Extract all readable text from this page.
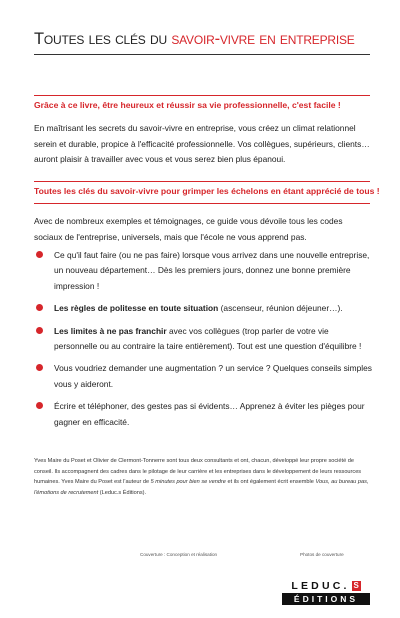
Toutes les clés du savoir-vivre en entreprise
Grâce à ce livre, être heureux et réussir sa vie professionnelle, c'est facile !
En maîtrisant les secrets du savoir-vivre en entreprise, vous créez un climat relationnel serein et durable, propice à l'efficacité professionnelle. Vos collègues, supérieurs, clients… auront plaisir à travailler avec vous et vous serez bien plus épanoui.
Toutes les clés du savoir-vivre pour grimper les échelons en étant apprécié de tous !
Avec de nombreux exemples et témoignages, ce guide vous dévoile tous les codes sociaux de l'entreprise, universels, mais que l'école ne vous apprend pas.
Ce qu'il faut faire (ou ne pas faire) lorsque vous arrivez dans une nouvelle entreprise, un nouveau département… Dès les premiers jours, donnez une bonne première impression !
Les règles de politesse en toute situation (ascenseur, réunion déjeuner…).
Les limites à ne pas franchir avec vos collègues (trop parler de votre vie personnelle ou au contraire la taire entièrement). Tout est une question d'équilibre !
Vous voudriez demander une augmentation ? un service ? Quelques conseils simples vous y aideront.
Écrire et téléphoner, des gestes pas si évidents… Apprenez à éviter les pièges pour gagner en efficacité.
Yves Maire du Poset et Olivier de Clermont-Tonnerre sont tous deux consultants et ont, chacun, développé leur propre société de conseil. Ils accompagnent des cadres dans le pilotage de leur carrière et les entreprises dans le développement de leurs ressources humaines. Yves Maire du Poset est l'auteur de 5 minutes pour bien se vendre et ils ont également écrit ensemble Vous, au bureau pas, l'émotions de recrutement (Leduc.s Éditions).
Couverture : Conception et réalisation	Photos de couverture
LEDUC. S
ÉDITIONS
